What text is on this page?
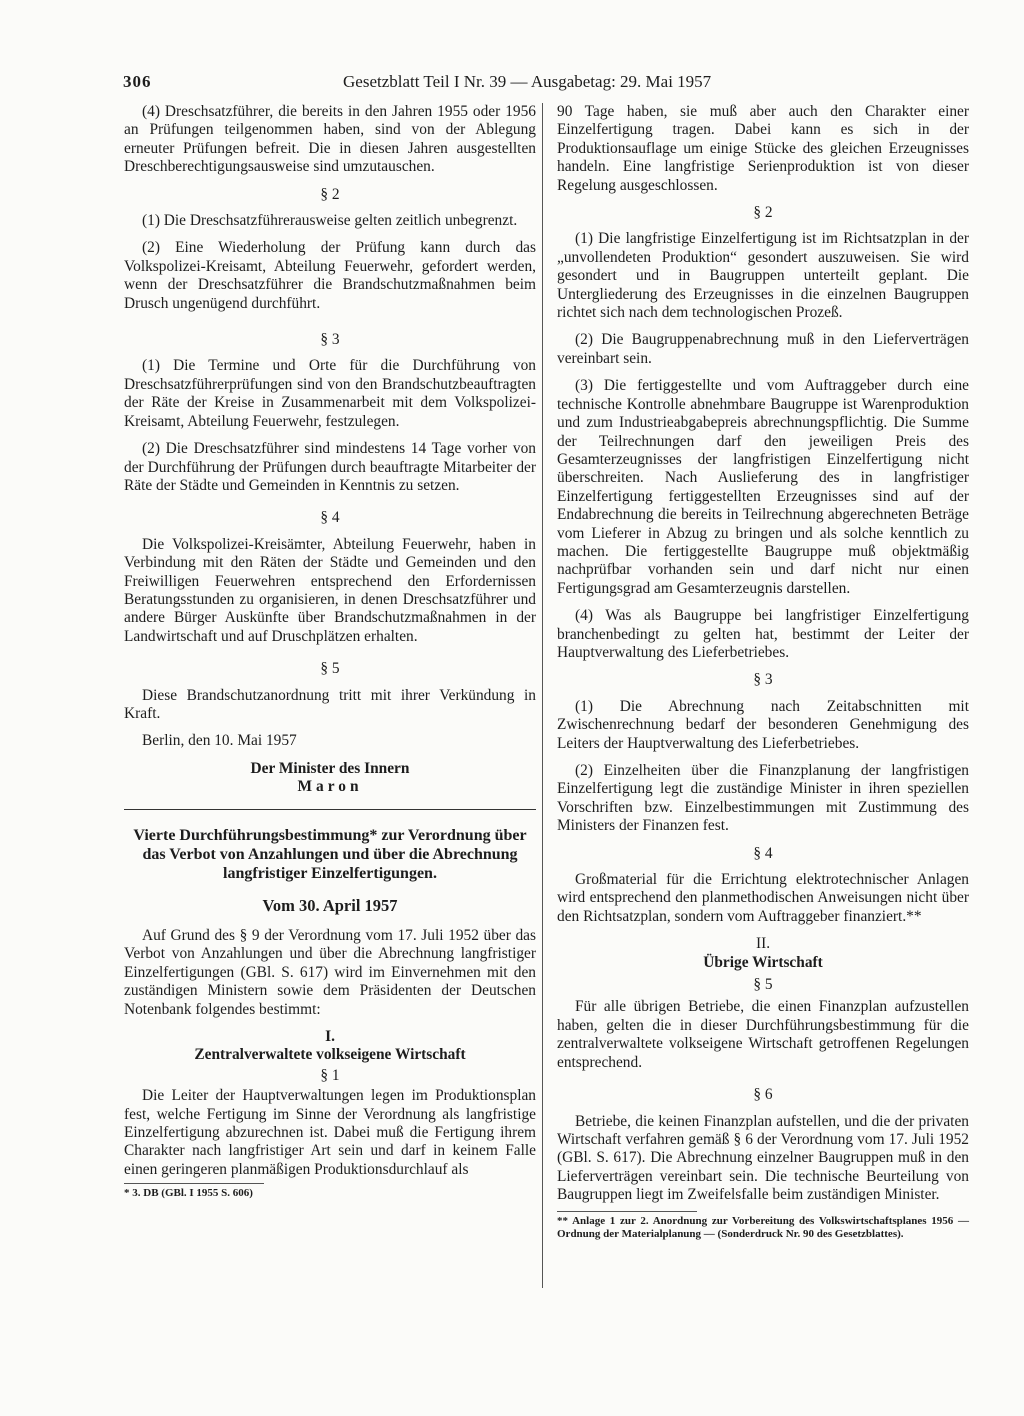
306	Gesetzblatt Teil I Nr. 39 — Ausgabetag: 29. Mai 1957

(4) Dreschsatzführer, die bereits in den Jahren 1955 oder 1956 an Prüfungen teilgenommen haben, sind von der Ablegung erneuter Prüfungen befreit. Die in diesen Jahren ausgestellten Dreschberechtigungsausweise sind umzutauschen.

§ 2

(1) Die Dreschsatzführerausweise gelten zeitlich unbegrenzt.

(2) Eine Wiederholung der Prüfung kann durch das Volkspolizei-Kreisamt, Abteilung Feuerwehr, gefordert werden, wenn der Dreschsatzführer die Brandschutzmaßnahmen beim Drusch ungenügend durchführt.

§ 3

(1) Die Termine und Orte für die Durchführung von Dreschsatzführerprüfungen sind von den Brandschutzbeauftragten der Räte der Kreise in Zusammenarbeit mit dem Volkspolizei-Kreisamt, Abteilung Feuerwehr, festzulegen.

(2) Die Dreschsatzführer sind mindestens 14 Tage vorher von der Durchführung der Prüfungen durch beauftragte Mitarbeiter der Räte der Städte und Gemeinden in Kenntnis zu setzen.

§ 4

Die Volkspolizei-Kreisämter, Abteilung Feuerwehr, haben in Verbindung mit den Räten der Städte und Gemeinden und den Freiwilligen Feuerwehren entsprechend den Erfordernissen Beratungsstunden zu organisieren, in denen Dreschsatzführer und andere Bürger Auskünfte über Brandschutzmaßnahmen in der Landwirtschaft und auf Druschplätzen erhalten.

§ 5

Diese Brandschutzanordnung tritt mit ihrer Verkündung in Kraft.

Berlin, den 10. Mai 1957

Der Minister des Innern
Maron
Vierte Durchführungsbestimmung* zur Verordnung über das Verbot von Anzahlungen und über die Abrechnung langfristiger Einzelfertigungen.
Vom 30. April 1957

Auf Grund des § 9 der Verordnung vom 17. Juli 1952 über das Verbot von Anzahlungen und über die Abrechnung langfristiger Einzelfertigungen (GBl. S. 617) wird im Einvernehmen mit den zuständigen Ministern sowie dem Präsidenten der Deutschen Notenbank folgendes bestimmt:

I.
Zentralverwaltete volkseigene Wirtschaft
§ 1

Die Leiter der Hauptverwaltungen legen im Produktionsplan fest, welche Fertigung im Sinne der Verordnung als langfristige Einzelfertigung abzurechnen ist. Dabei muß die Fertigung ihrem Charakter nach langfristiger Art sein und darf in keinem Falle einen geringeren planmäßigen Produktionsdurchlauf als

* 3. DB (GBl. I 1955 S. 606)

90 Tage haben, sie muß aber auch den Charakter einer Einzelfertigung tragen. Dabei kann es sich in der Produktionsauflage um einige Stücke des gleichen Erzeugnisses handeln. Eine langfristige Serienproduktion ist von dieser Regelung ausgeschlossen.

§ 2

(1) Die langfristige Einzelfertigung ist im Richtsatzplan in der „unvollendeten Produktion“ gesondert auszuweisen. Sie wird gesondert und in Baugruppen unterteilt geplant. Die Untergliederung des Erzeugnisses in die einzelnen Baugruppen richtet sich nach dem technologischen Prozeß.

(2) Die Baugruppenabrechnung muß in den Lieferverträgen vereinbart sein.

(3) Die fertiggestellte und vom Auftraggeber durch eine technische Kontrolle abnehmbare Baugruppe ist Warenproduktion und zum Industrieabgabepreis abrechnungspflichtig. Die Summe der Teilrechnungen darf den jeweiligen Preis des Gesamterzeugnisses der langfristigen Einzelfertigung nicht überschreiten. Nach Auslieferung des in langfristiger Einzelfertigung fertiggestellten Erzeugnisses sind auf der Endabrechnung die bereits in Teilrechnung abgerechneten Beträge vom Lieferer in Abzug zu bringen und als solche kenntlich zu machen. Die fertiggestellte Baugruppe muß objektmäßig nachprüfbar vorhanden sein und darf nicht nur einen Fertigungsgrad am Gesamterzeugnis darstellen.

(4) Was als Baugruppe bei langfristiger Einzelfertigung branchenbedingt zu gelten hat, bestimmt der Leiter der Hauptverwaltung des Lieferbetriebes.

§ 3

(1) Die Abrechnung nach Zeitabschnitten mit Zwischenrechnung bedarf der besonderen Genehmigung des Leiters der Hauptverwaltung des Lieferbetriebes.

(2) Einzelheiten über die Finanzplanung der langfristigen Einzelfertigung legt die zuständige Minister in ihren speziellen Vorschriften bzw. Einzelbestimmungen mit Zustimmung des Ministers der Finanzen fest.

§ 4

Großmaterial für die Errichtung elektrotechnischer Anlagen wird entsprechend den planmethodischen Anweisungen nicht über den Richtsatzplan, sondern vom Auftraggeber finanziert.**

II.
Übrige Wirtschaft
§ 5

Für alle übrigen Betriebe, die einen Finanzplan aufzustellen haben, gelten die in dieser Durchführungsbestimmung für die zentralverwaltete volkseigene Wirtschaft getroffenen Regelungen entsprechend.

§ 6

Betriebe, die keinen Finanzplan aufstellen, und die der privaten Wirtschaft verfahren gemäß § 6 der Verordnung vom 17. Juli 1952 (GBl. S. 617). Die Abrechnung einzelner Baugruppen muß in den Lieferverträgen vereinbart sein. Die technische Beurteilung von Baugruppen liegt im Zweifelsfalle beim zuständigen Minister.

** Anlage 1 zur 2. Anordnung zur Vorbereitung des Volkswirtschaftsplanes 1956 — Ordnung der Materialplanung — (Sonderdruck Nr. 90 des Gesetzblattes).
